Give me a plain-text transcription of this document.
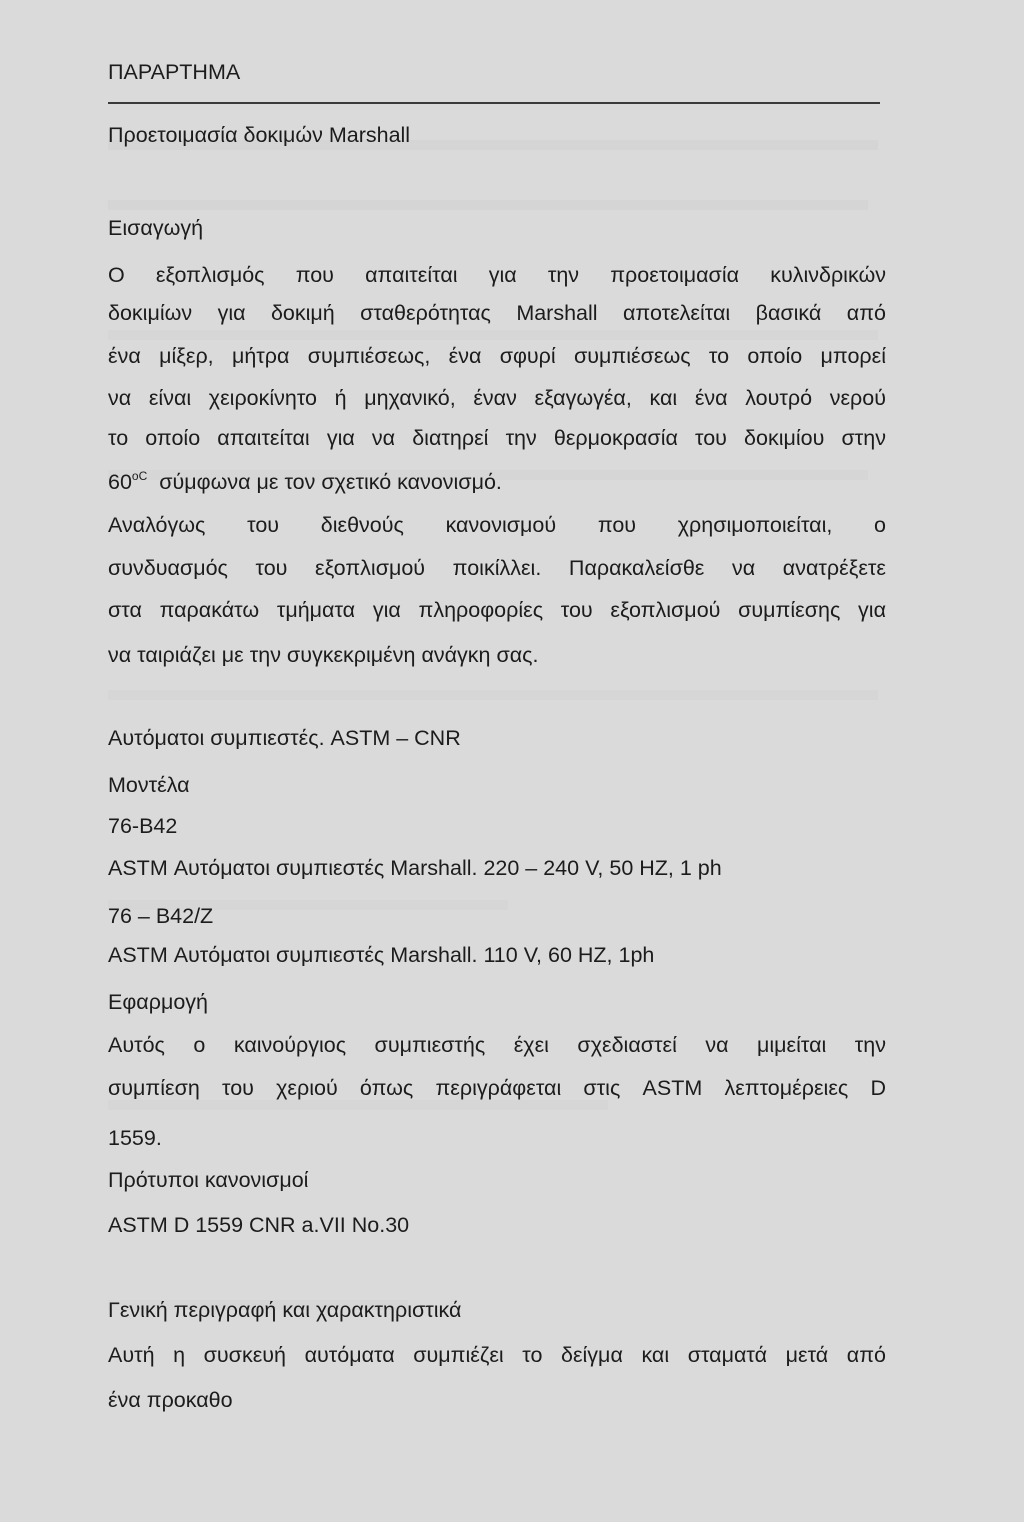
ΠΑΡΑΡΤΗΜΑ
Προετοιμασία δοκιμών Marshall
Εισαγωγή
Ο εξοπλισμός που απαιτείται για την προετοιμασία κυλινδρικών
δοκιμίων για δοκιμή σταθερότητας Marshall αποτελείται βασικά από
ένα μίξερ, μήτρα συμπιέσεως, ένα σφυρί συμπιέσεως το οποίο μπορεί
να είναι χειροκίνητο ή μηχανικό, έναν εξαγωγέα, και ένα λουτρό νερού
το οποίο απαιτείται για να διατηρεί την θερμοκρασία του δοκιμίου στην
$60^{oC}$ σύμφωνα με τον σχετικό κανονισμό.
Αναλόγως του διεθνούς κανονισμού που χρησιμοποιείται, ο
συνδυασμός του εξοπλισμού ποικίλλει. Παρακαλείσθε να ανατρέξετε
στα παρακάτω τμήματα για πληροφορίες του εξοπλισμού συμπίεσης για
να ταιριάζει με την συγκεκριμένη ανάγκη σας.
Αυτόματοι συμπιεστές. ASTM – CNR
Μοντέλα
76-B42
ASTM Αυτόματοι συμπιεστές Marshall. 220 – 240 V, 50 HZ, 1 ph
76 – B42/Z
ASTM Αυτόματοι συμπιεστές Marshall. 110 V, 60 HZ, 1ph
Εφαρμογή
Αυτός ο καινούργιος συμπιεστής έχει σχεδιαστεί να μιμείται την
συμπίεση του χεριού όπως περιγράφεται στις ASTM λεπτομέρειες D
1559.
Πρότυποι κανονισμοί
ASTM D 1559 CNR a.VII No.30
Γενική περιγραφή και χαρακτηριστικά
Αυτή η συσκευή αυτόματα συμπιέζει το δείγμα και σταματά μετά από
ένα προκαθο
